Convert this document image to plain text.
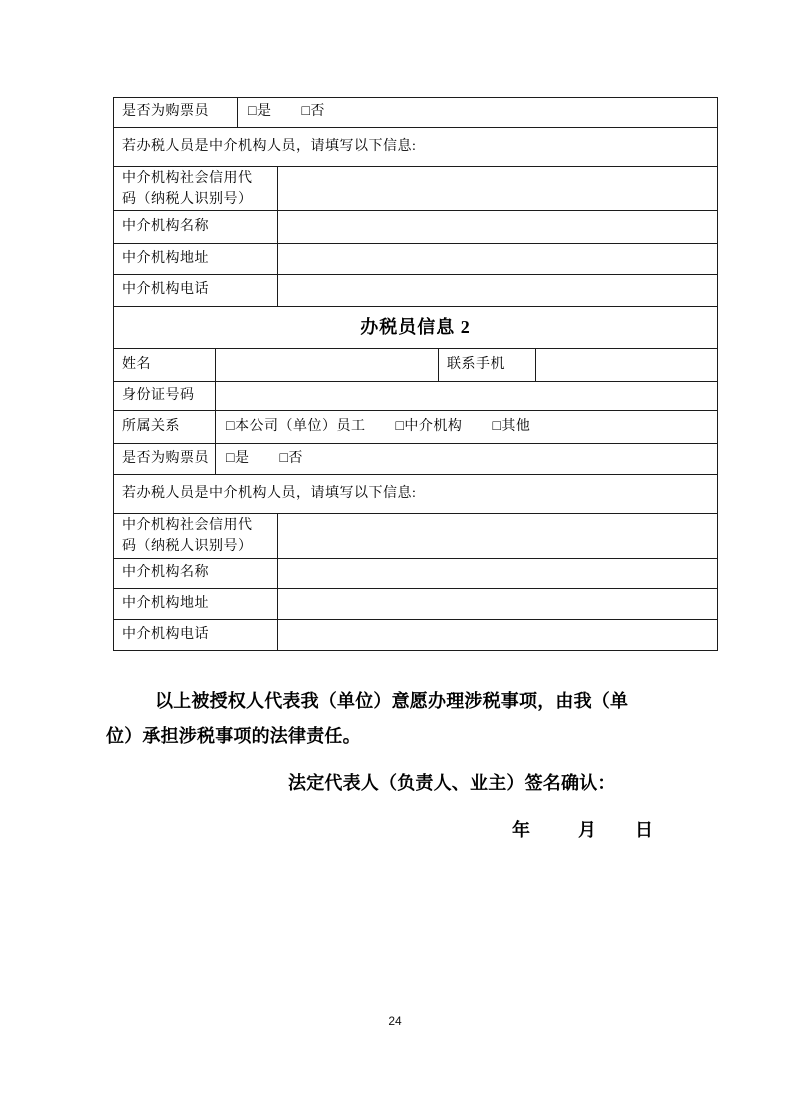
是否为购票员	□是 □否
若办税人员是中介机构人员，请填写以下信息:
中介机构社会信用代
码（纳税人识别号）
中介机构名称
中介机构地址
中介机构电话
办税员信息 2
姓名	联系手机
身份证号码
所属关系	□本公司（单位）员工 □中介机构 □其他
是否为购票员	□是 □否
若办税人员是中介机构人员，请填写以下信息:
中介机构社会信用代
码（纳税人识别号）
中介机构名称
中介机构地址
中介机构电话
以上被授权人代表我（单位）意愿办理涉税事项，由我（单
位）承担涉税事项的法律责任。
法定代表人（负责人、业主）签名确认：
年	月 日
24
